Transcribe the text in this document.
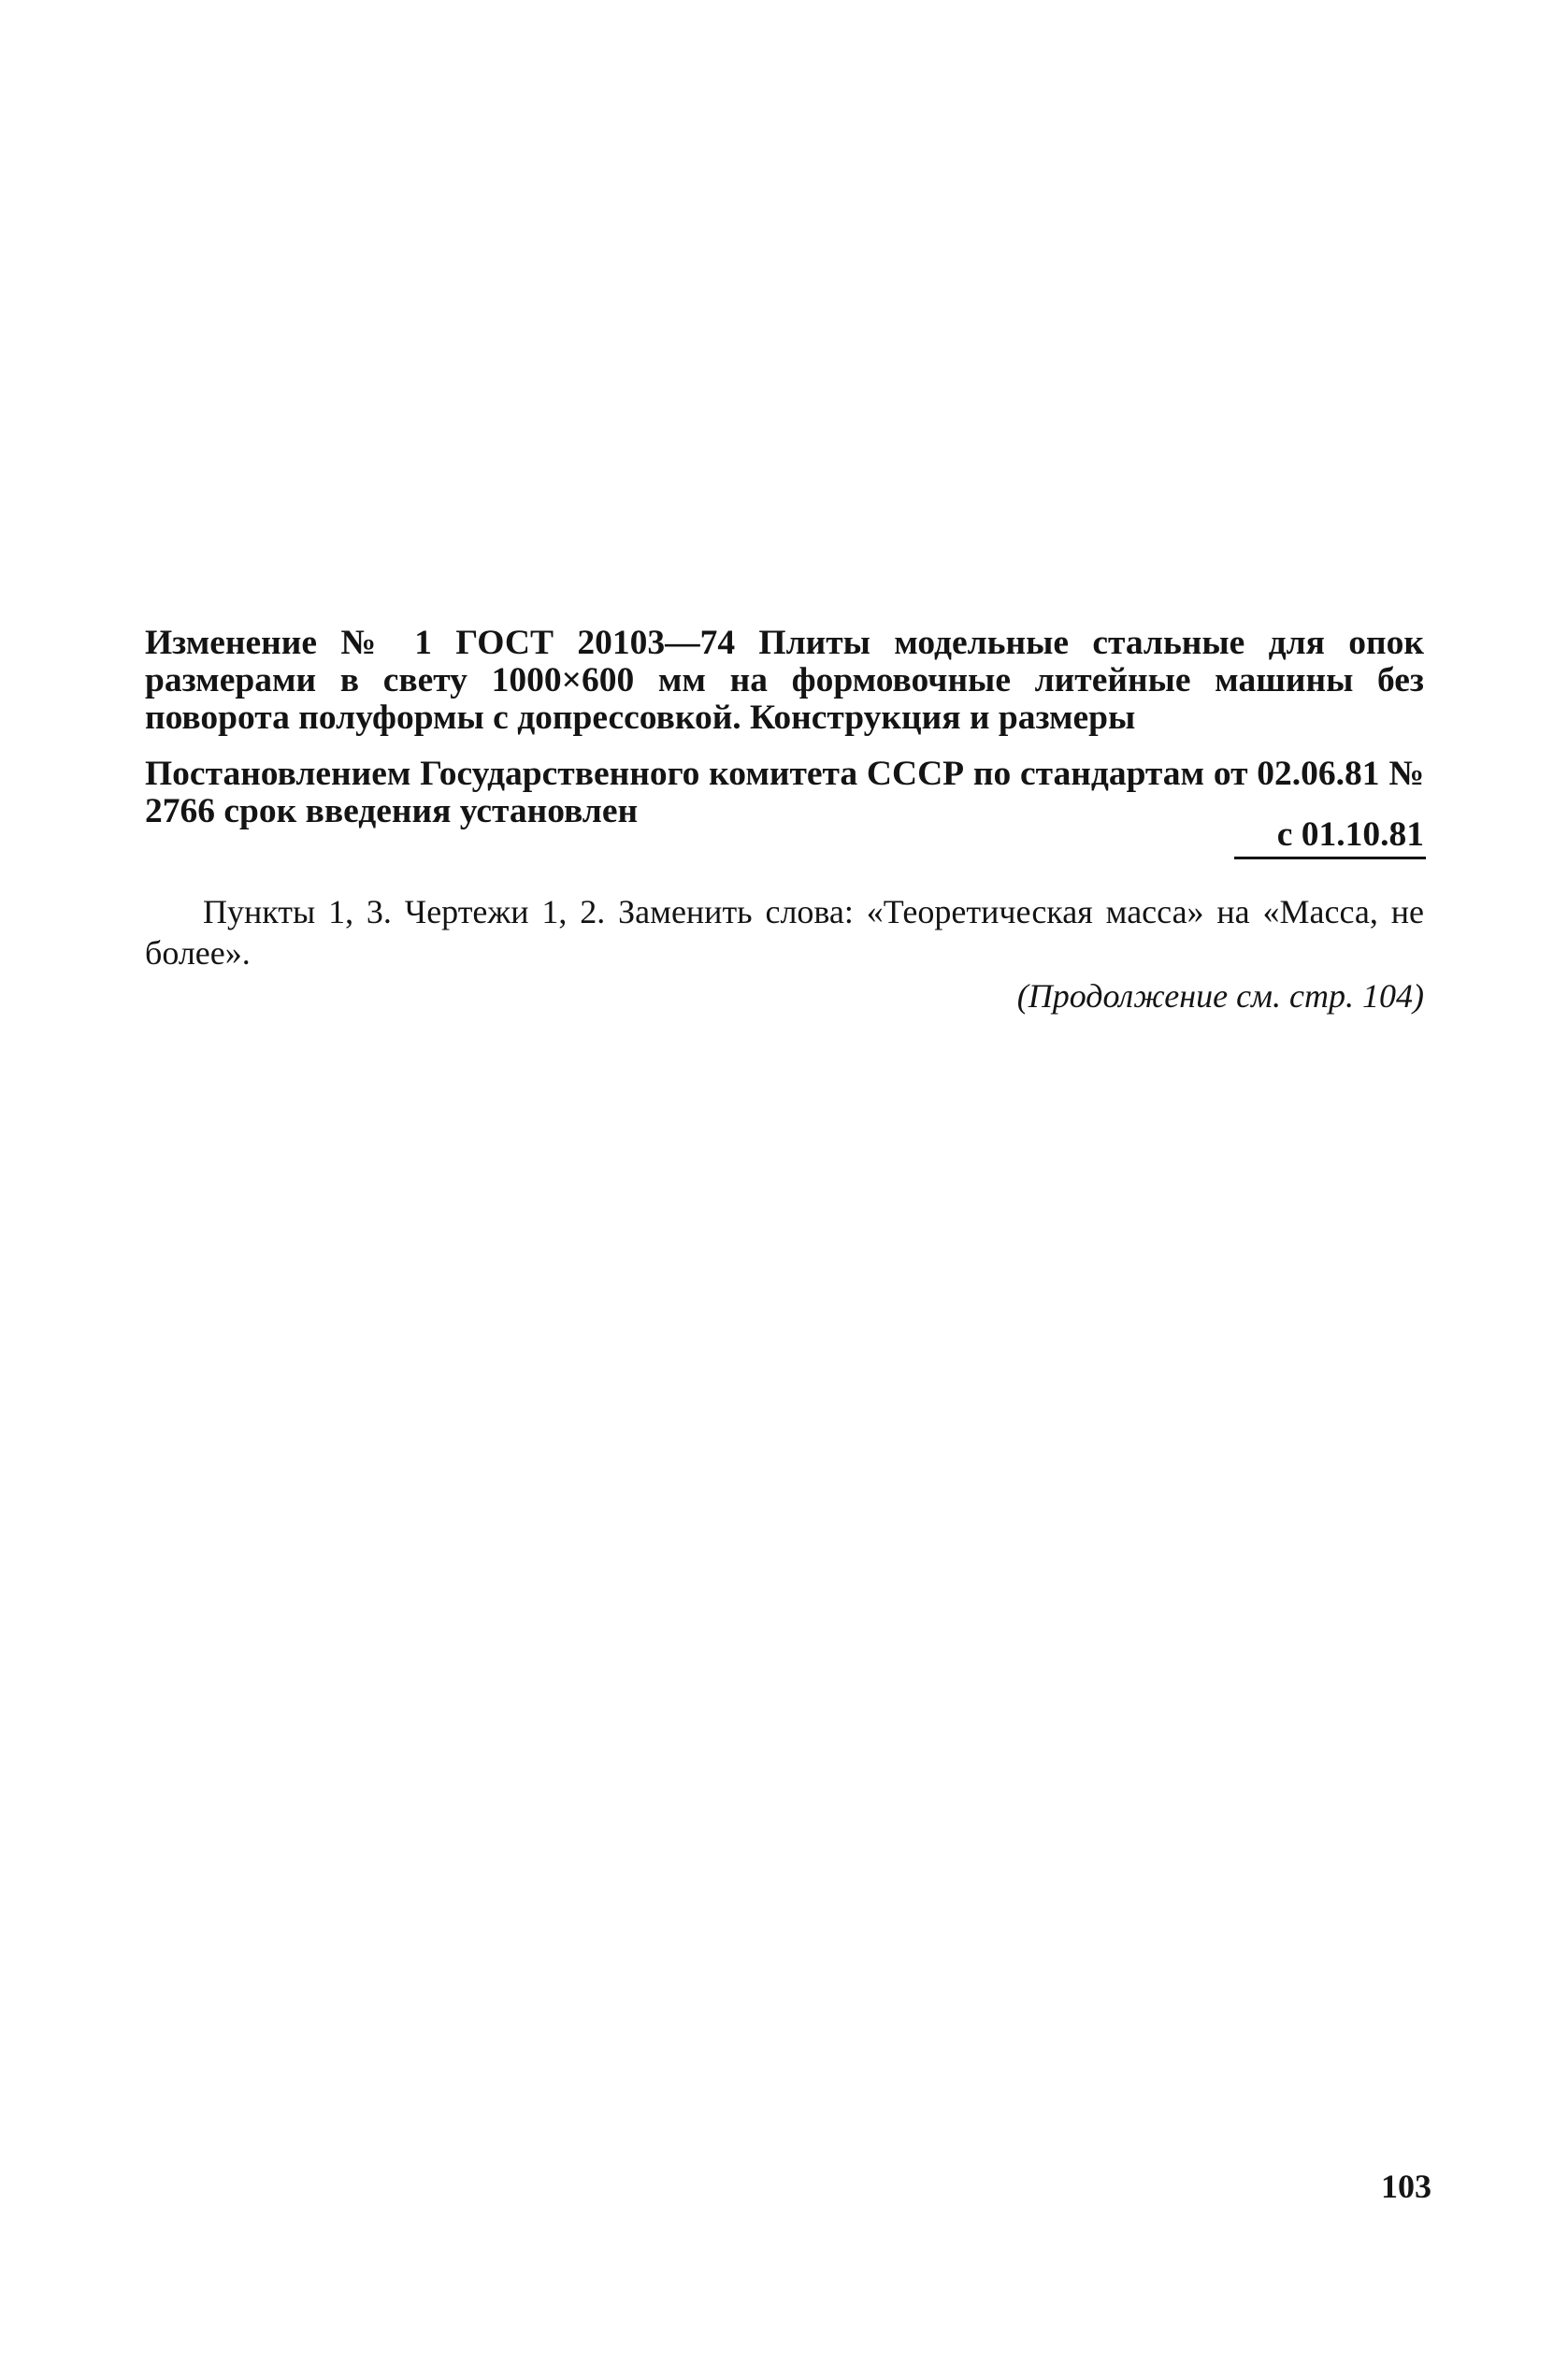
Изменение № 1 ГОСТ 20103—74 Плиты модельные стальные для опок размерами в свету 1000×600 мм на формовочные литейные машины без поворота полуформы с допрессовкой. Конструкция и размеры
Постановлением Государственного комитета СССР по стандартам от 02.06.81 № 2766 срок введения установлен
с 01.10.81
Пункты 1, 3. Чертежи 1, 2. Заменить слова: «Теоретическая масса» на «Масса, не более».
(Продолжение см. стр. 104)
103
